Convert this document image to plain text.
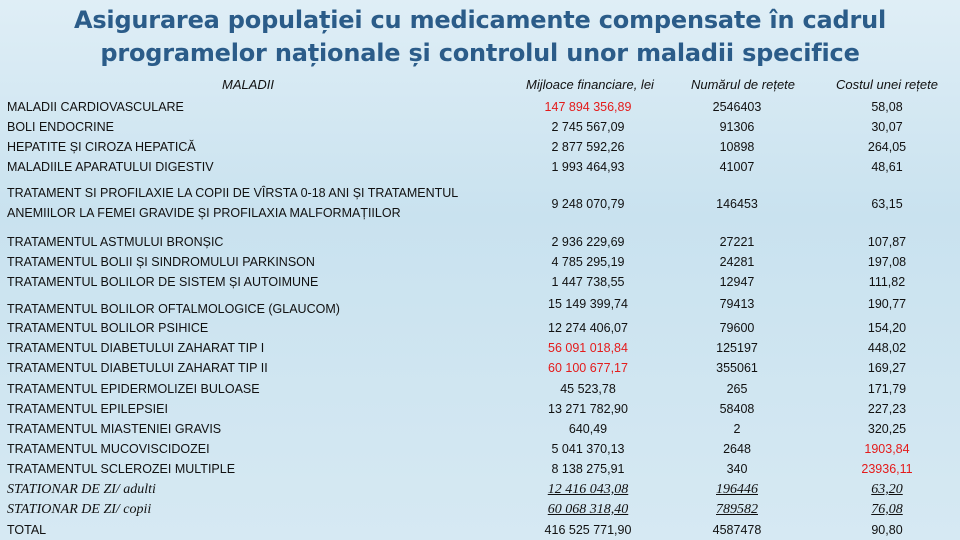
Asigurarea populației cu medicamente compensate în cadrul
programelor naționale și controlul unor maladii specifice
MALADII	Mijloace financiare, lei	Numărul de rețete	Costul unei rețete
MALADII CARDIOVASCULARE	147 894 356,89	2546403	58,08
BOLI ENDOCRINE	2 745 567,09	91306	30,07
HEPATITE ȘI CIROZA HEPATICĂ	2 877 592,26	10898	264,05
MALADIILE APARATULUI DIGESTIV	1 993 464,93	41007	48,61
TRATAMENT SI PROFILAXIE LA COPII DE VÎRSTA 0-18 ANI ȘI TRATAMENTUL
ANEMIILOR LA FEMEI GRAVIDE ȘI PROFILAXIA MALFORMAȚIILOR
9 248 070,79	146453	63,15
TRATAMENTUL ASTMULUI BRONȘIC	2 936 229,69	27221	107,87
TRATAMENTUL BOLII ȘI SINDROMULUI PARKINSON	4 785 295,19	24281	197,08
TRATAMENTUL BOLILOR DE SISTEM ȘI AUTOIMUNE	1 447 738,55	12947	111,82
TRATAMENTUL BOLILOR OFTALMOLOGICE (GLAUCOM)	15 149 399,74	79413	190,77
TRATAMENTUL BOLILOR PSIHICE	12 274 406,07	79600	154,20
TRATAMENTUL DIABETULUI ZAHARAT TIP I	56 091 018,84	125197	448,02
TRATAMENTUL DIABETULUI ZAHARAT TIP II	60 100 677,17	355061	169,27
TRATAMENTUL EPIDERMOLIZEI BULOASE	45 523,78	265	171,79
TRATAMENTUL EPILEPSIEI	13 271 782,90	58408	227,23
TRATAMENTUL MIASTENIEI GRAVIS	640,49	2	320,25
TRATAMENTUL MUCOVISCIDOZEI	5 041 370,13	2648	1903,84
TRATAMENTUL SCLEROZEI MULTIPLE	8 138 275,91	340	23936,11
STATIONAR DE ZI/ adulti	12 416 043,08	196446	63,20
STATIONAR DE ZI/ copii	60 068 318,40	789582	76,08
TOTAL	416 525 771,90	4587478	90,80
